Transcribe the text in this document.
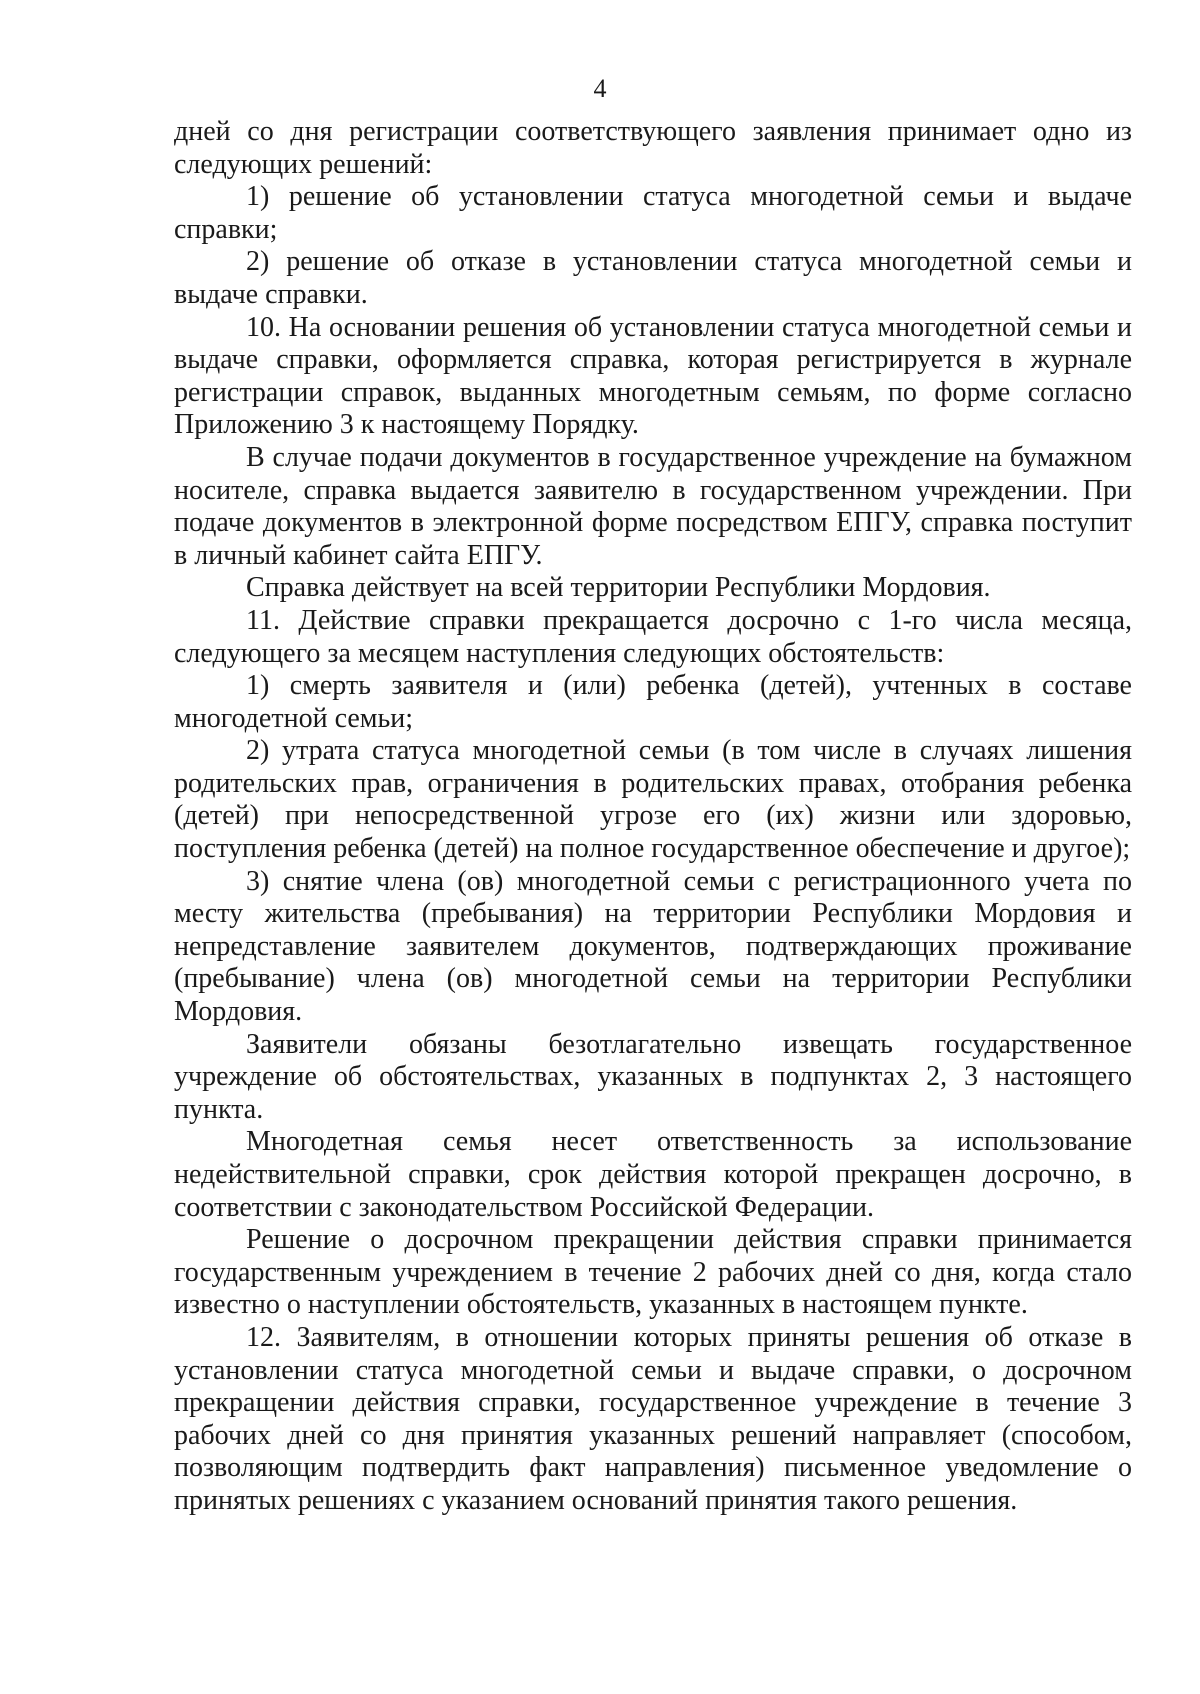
4

дней со дня регистрации соответствующего заявления принимает одно из следующих решений:

1) решение об установлении статуса многодетной семьи и выдаче справки;

2) решение об отказе в установлении статуса многодетной семьи и выдаче справки.

10. На основании решения об установлении статуса многодетной семьи и выдаче справки, оформляется справка, которая регистрируется в журнале регистрации справок, выданных многодетным семьям, по форме согласно Приложению 3 к настоящему Порядку.

В случае подачи документов в государственное учреждение на бумажном носителе, справка выдается заявителю в государственном учреждении. При подаче документов в электронной форме посредством ЕПГУ, справка поступит в личный кабинет сайта ЕПГУ.

Справка действует на всей территории Республики Мордовия.

11. Действие справки прекращается досрочно с 1-го числа месяца, следующего за месяцем наступления следующих обстоятельств:

1) смерть заявителя и (или) ребенка (детей), учтенных в составе многодетной семьи;

2) утрата статуса многодетной семьи (в том числе в случаях лишения родительских прав, ограничения в родительских правах, отобрания ребенка (детей) при непосредственной угрозе его (их) жизни или здоровью, поступления ребенка (детей) на полное государственное обеспечение и другое);

3) снятие члена (ов) многодетной семьи с регистрационного учета по месту жительства (пребывания) на территории Республики Мордовия и непредставление заявителем документов, подтверждающих проживание (пребывание) члена (ов) многодетной семьи на территории Республики Мордовия.

Заявители обязаны безотлагательно извещать государственное учреждение об обстоятельствах, указанных в подпунктах 2, 3 настоящего пункта.

Многодетная семья несет ответственность за использование недействительной справки, срок действия которой прекращен досрочно, в соответствии с законодательством Российской Федерации.

Решение о досрочном прекращении действия справки принимается государственным учреждением в течение 2 рабочих дней со дня, когда стало известно о наступлении обстоятельств, указанных в настоящем пункте.

12. Заявителям, в отношении которых приняты решения об отказе в установлении статуса многодетной семьи и выдаче справки, о досрочном прекращении действия справки, государственное учреждение в течение 3 рабочих дней со дня принятия указанных решений направляет (способом, позволяющим подтвердить факт направления) письменное уведомление о принятых решениях с указанием оснований принятия такого решения.
